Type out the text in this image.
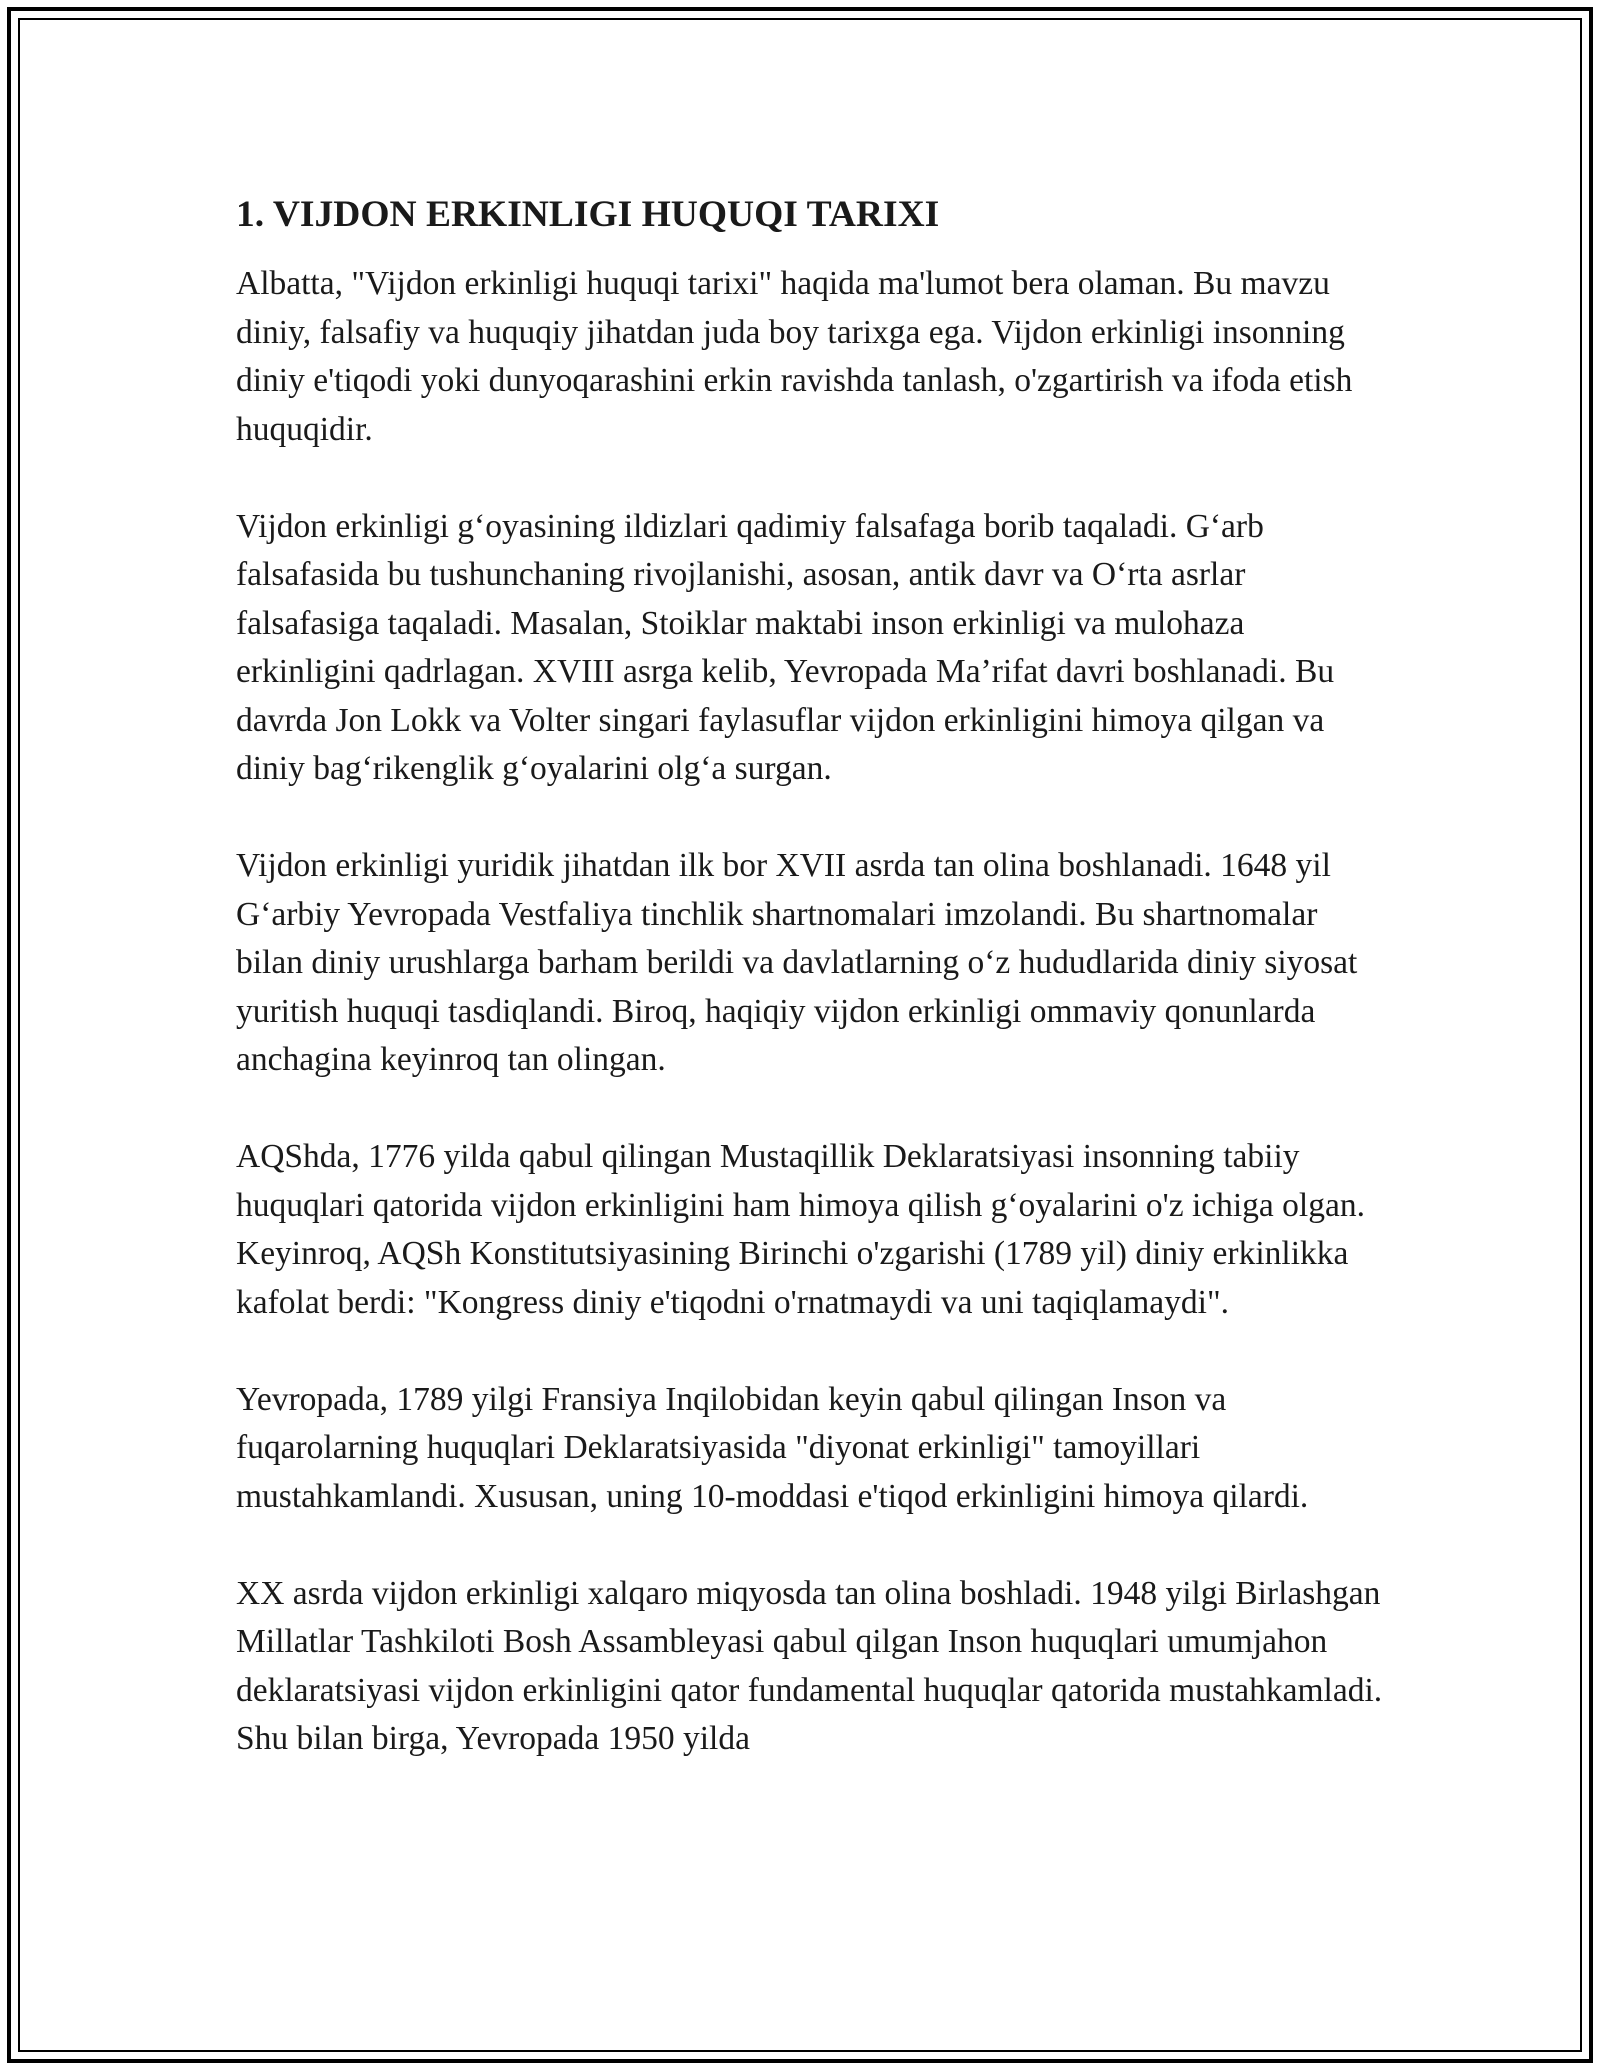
1. VIJDON ERKINLIGI HUQUQI TARIXI

Albatta, "Vijdon erkinligi huquqi tarixi" haqida ma'lumot bera olaman. Bu mavzu diniy, falsafiy va huquqiy jihatdan juda boy tarixga ega. Vijdon erkinligi insonning diniy e'tiqodi yoki dunyoqarashini erkin ravishda tanlash, o'zgartirish va ifoda etish huquqidir.

Vijdon erkinligi g‘oyasining ildizlari qadimiy falsafaga borib taqaladi. G‘arb falsafasida bu tushunchaning rivojlanishi, asosan, antik davr va O‘rta asrlar falsafasiga taqaladi. Masalan, Stoiklar maktabi inson erkinligi va mulohaza erkinligini qadrlagan. XVIII asrga kelib, Yevropada Ma’rifat davri boshlanadi. Bu davrda Jon Lokk va Volter singari faylasuflar vijdon erkinligini himoya qilgan va diniy bag‘rikenglik g‘oyalarini olg‘a surgan.

Vijdon erkinligi yuridik jihatdan ilk bor XVII asrda tan olina boshlanadi. 1648 yil G‘arbiy Yevropada Vestfaliya tinchlik shartnomalari imzolandi. Bu shartnomalar bilan diniy urushlarga barham berildi va davlatlarning o‘z hududlarida diniy siyosat yuritish huquqi tasdiqlandi. Biroq, haqiqiy vijdon erkinligi ommaviy qonunlarda anchagina keyinroq tan olingan.

AQShda, 1776 yilda qabul qilingan Mustaqillik Deklaratsiyasi insonning tabiiy huquqlari qatorida vijdon erkinligini ham himoya qilish g‘oyalarini o'z ichiga olgan. Keyinroq, AQSh Konstitutsiyasining Birinchi o'zgarishi (1789 yil) diniy erkinlikka kafolat berdi: "Kongress diniy e'tiqodni o'rnatmaydi va uni taqiqlamaydi".

Yevropada, 1789 yilgi Fransiya Inqilobidan keyin qabul qilingan Inson va fuqarolarning huquqlari Deklaratsiyasida "diyonat erkinligi" tamoyillari mustahkamlandi. Xususan, uning 10-moddasi e'tiqod erkinligini himoya qilardi.

XX asrda vijdon erkinligi xalqaro miqyosda tan olina boshladi. 1948 yilgi Birlashgan Millatlar Tashkiloti Bosh Assambleyasi qabul qilgan Inson huquqlari umumjahon deklaratsiyasi vijdon erkinligini qator fundamental huquqlar qatorida mustahkamladi. Shu bilan birga, Yevropada 1950 yilda
